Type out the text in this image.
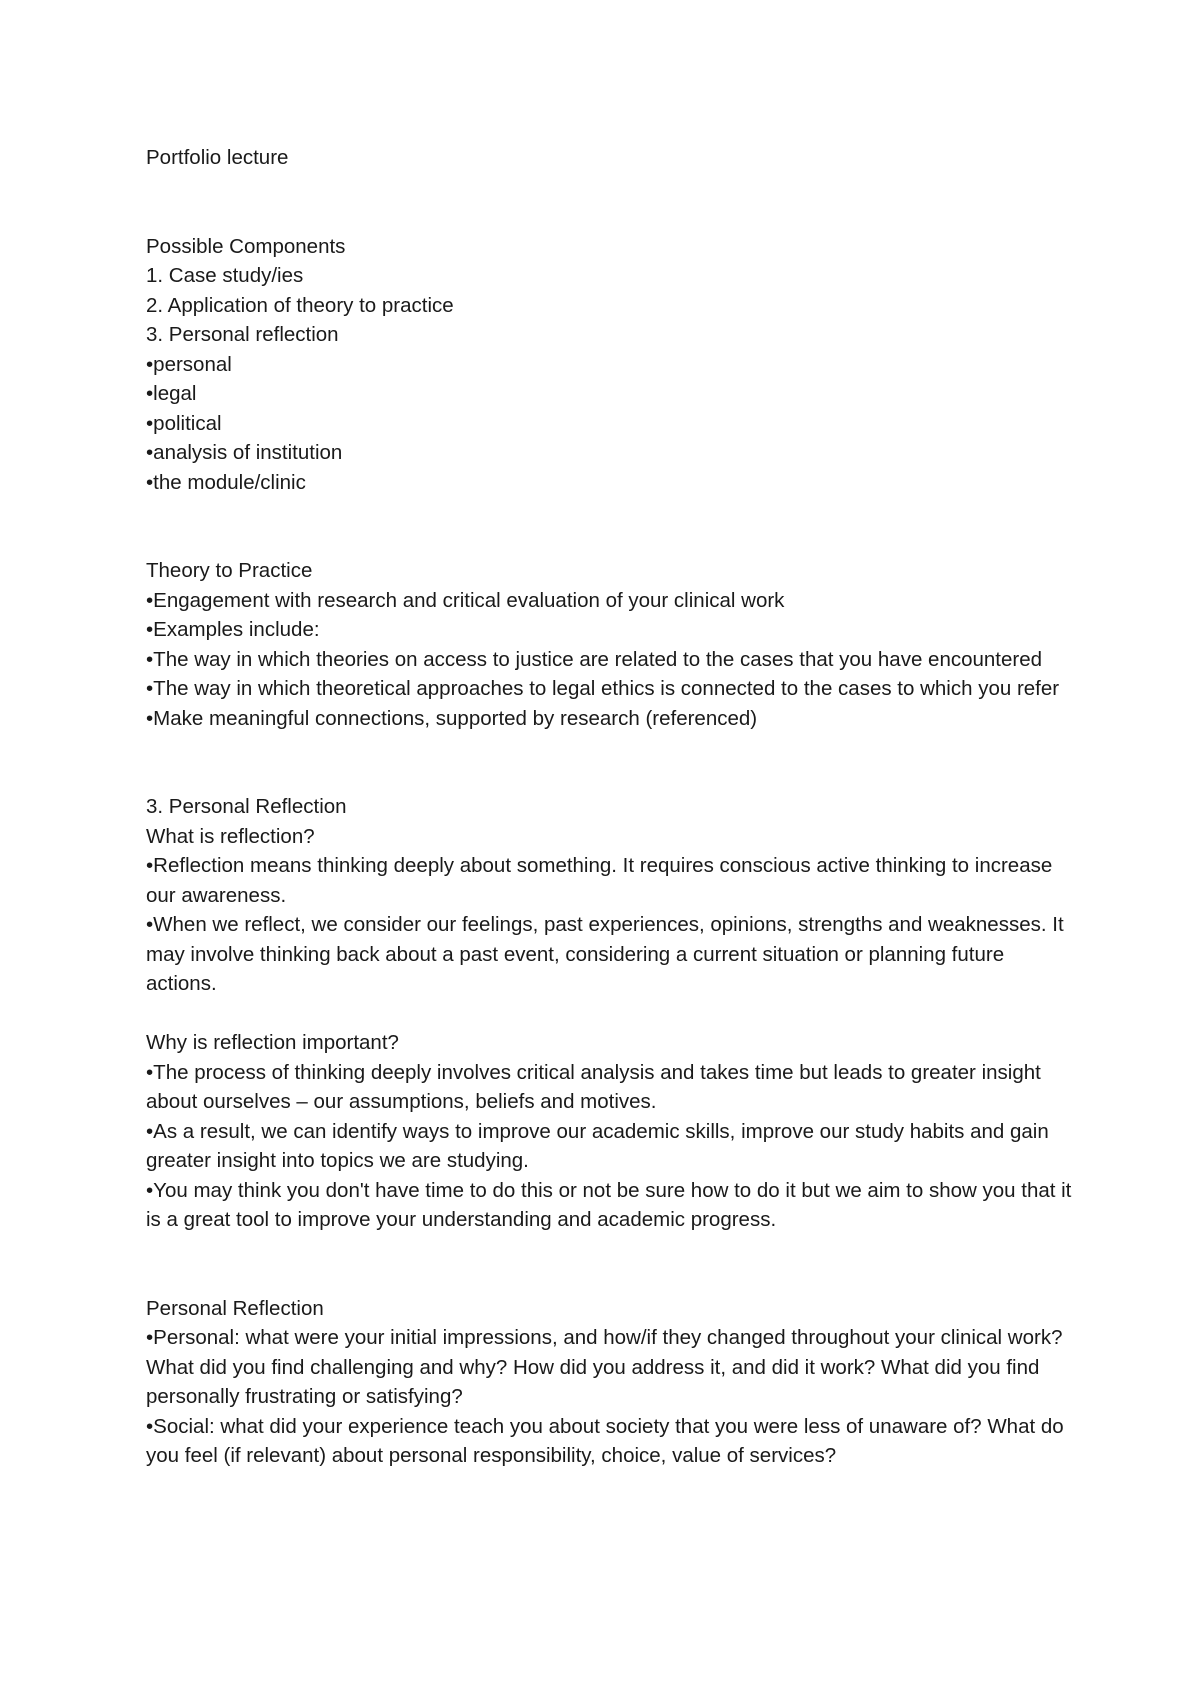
Portfolio lecture
Possible Components
1. Case study/ies
2. Application of theory to practice
3. Personal reflection
•personal
•legal
•political
•analysis of institution
•the module/clinic
Theory to Practice
•Engagement with research and critical evaluation of your clinical work
•Examples include:
•The way in which theories on access to justice are related to the cases that you have encountered
•The way in which theoretical approaches to legal ethics is connected to the cases to which you refer
•Make meaningful connections, supported by research (referenced)
3. Personal Reflection
What is reflection?
•Reflection means thinking deeply about something. It requires conscious active thinking to increase our awareness.
•When we reflect, we consider our feelings, past experiences, opinions, strengths and weaknesses. It may involve thinking back about a past event, considering a current situation or planning future actions.
Why is reflection important?
•The process of thinking deeply involves critical analysis and takes time but leads to greater insight about ourselves – our assumptions, beliefs and motives.
•As a result, we can identify ways to improve our academic skills, improve our study habits and gain greater insight into topics we are studying.
•You may think you don't have time to do this or not be sure how to do it but we aim to show you that it is a great tool to improve your understanding and academic progress.
Personal Reflection
•Personal: what were your initial impressions, and how/if they changed throughout your clinical work? What did you find challenging and why? How did you address it, and did it work? What did you find personally frustrating or satisfying?
•Social: what did your experience teach you about society that you were less of unaware of? What do you feel (if relevant) about personal responsibility, choice, value of services?
